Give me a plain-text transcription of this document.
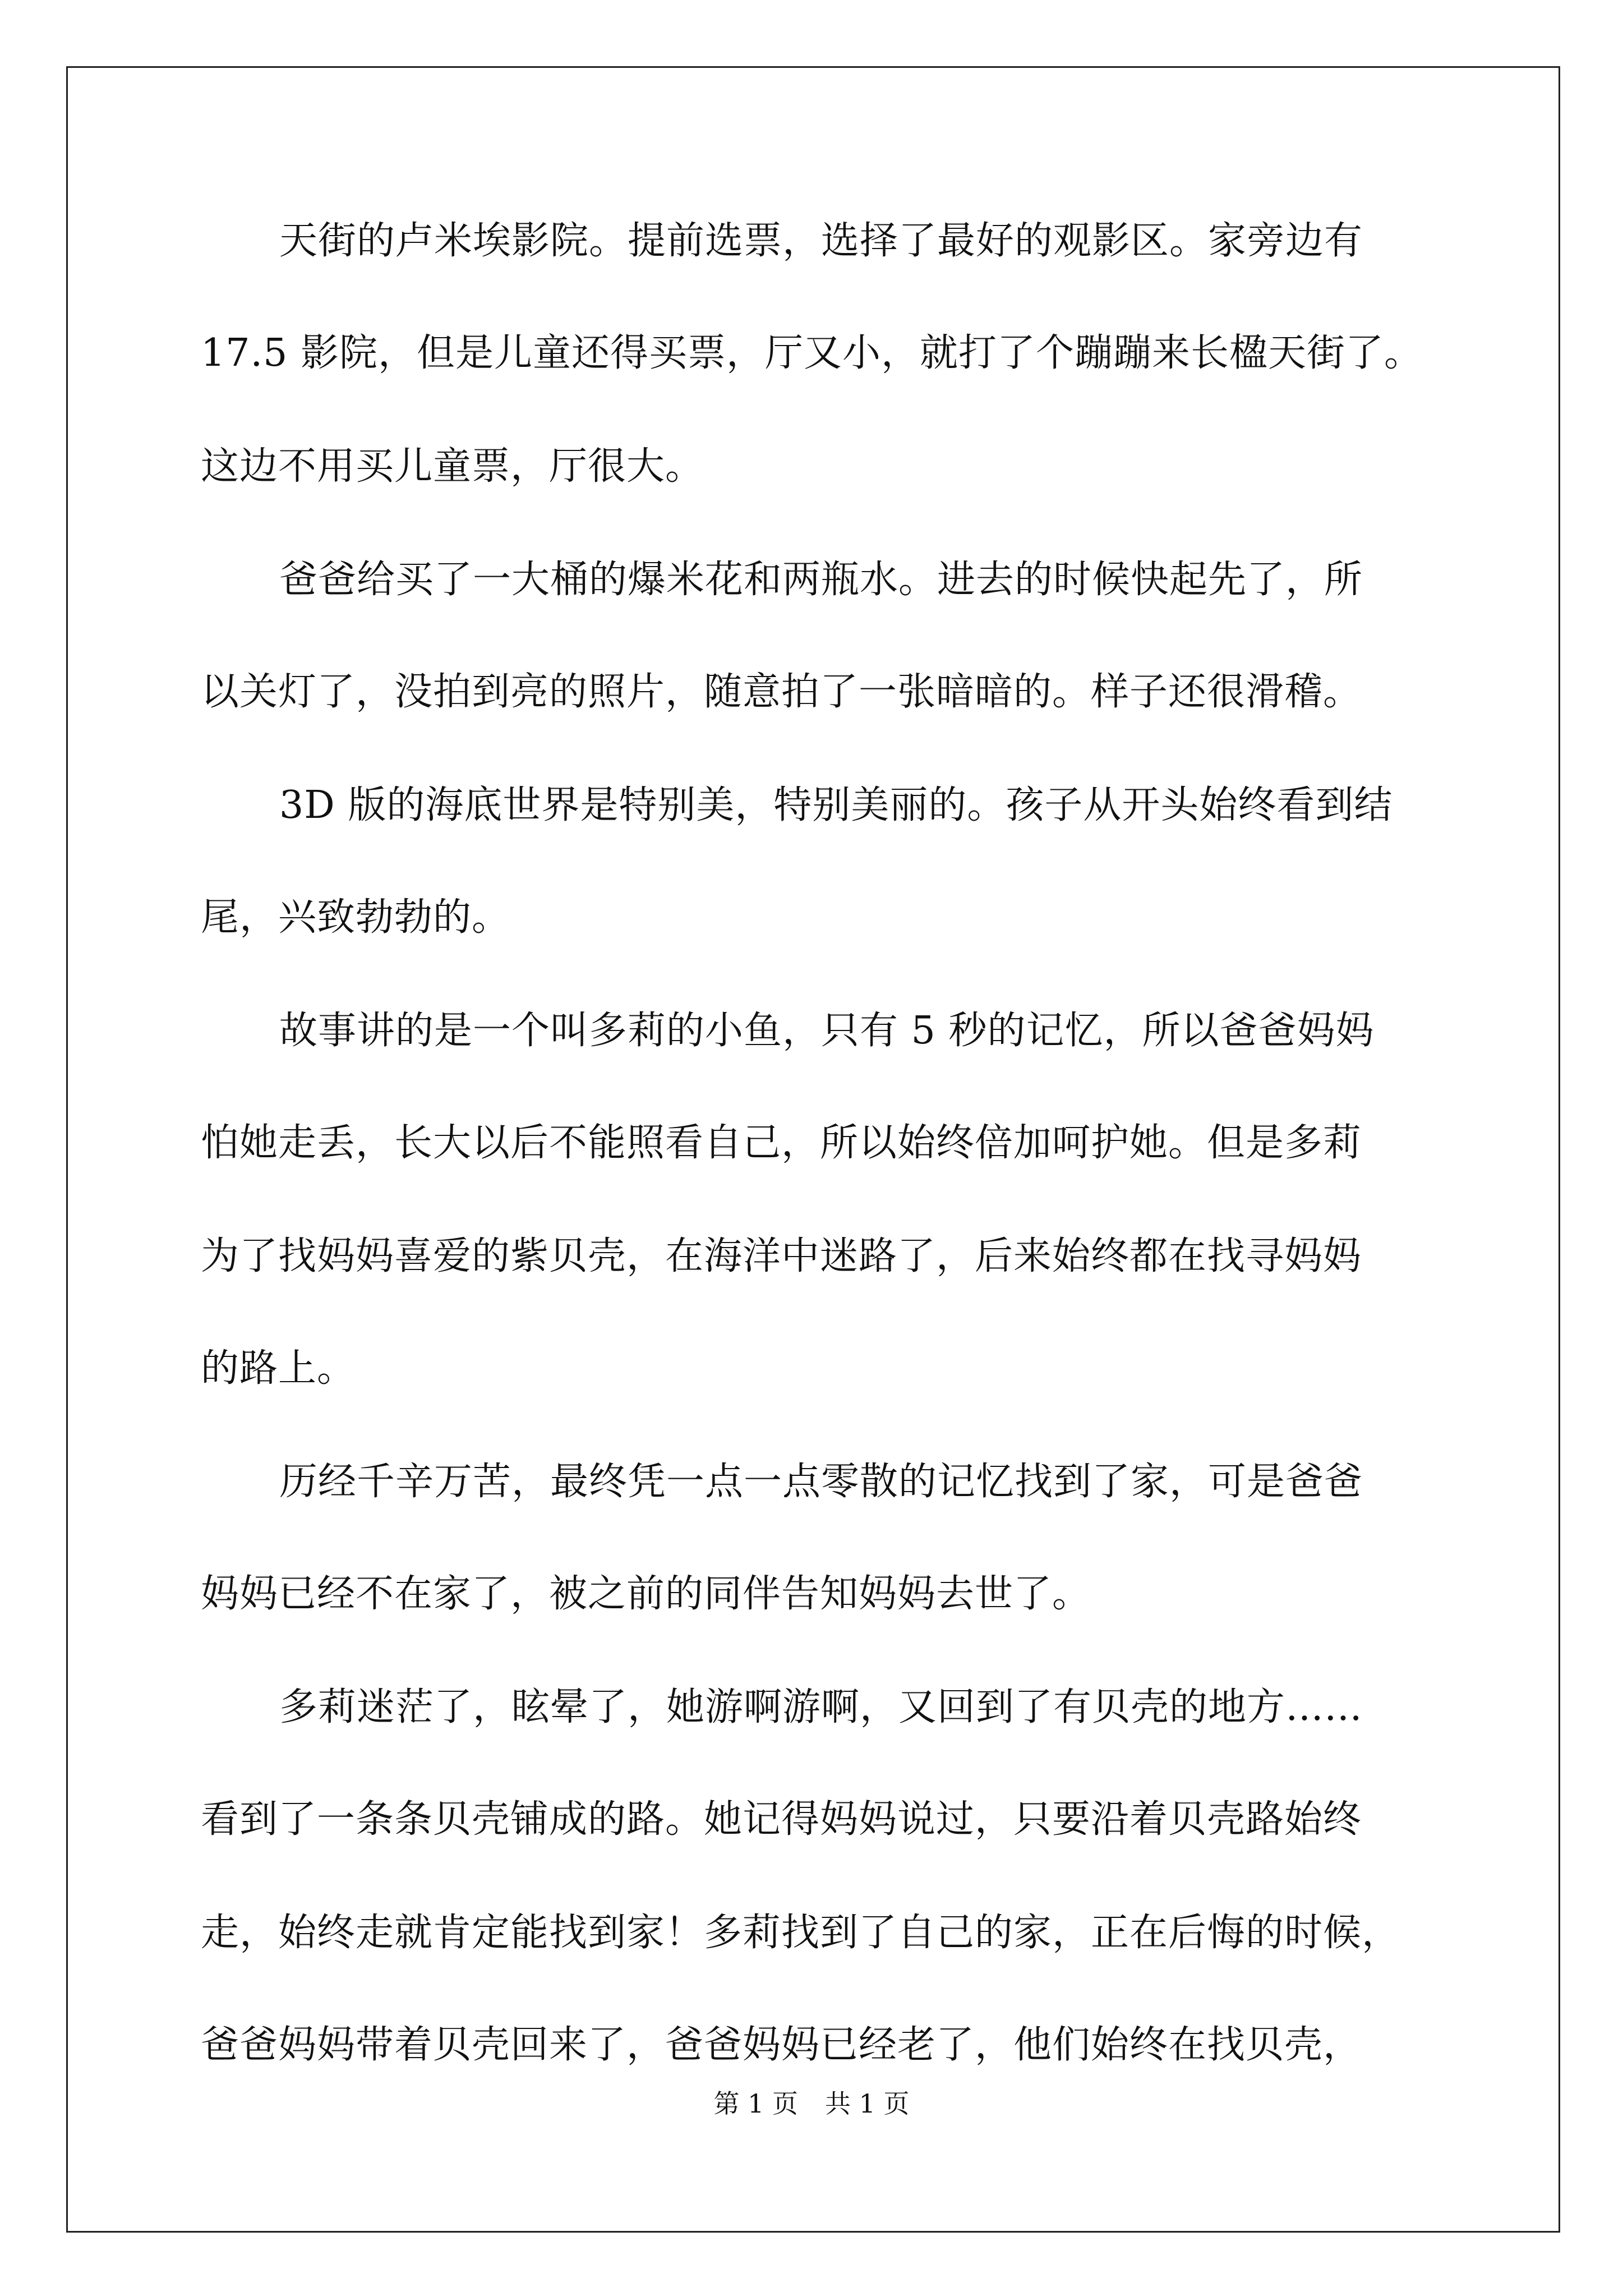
天街的卢米埃影院。提前选票，选择了最好的观影区。家旁边有
17.5 影院，但是儿童还得买票，厅又小，就打了个蹦蹦来长楹天街了。
这边不用买儿童票，厅很大。
爸爸给买了一大桶的爆米花和两瓶水。进去的时候快起先了，所
以关灯了，没拍到亮的照片，随意拍了一张暗暗的。样子还很滑稽。
3D 版的海底世界是特别美，特别美丽的。孩子从开头始终看到结
尾，兴致勃勃的。
故事讲的是一个叫多莉的小鱼，只有 5 秒的记忆，所以爸爸妈妈
怕她走丢，长大以后不能照看自己，所以始终倍加呵护她。但是多莉
为了找妈妈喜爱的紫贝壳，在海洋中迷路了，后来始终都在找寻妈妈
的路上。
历经千辛万苦，最终凭一点一点零散的记忆找到了家，可是爸爸
妈妈已经不在家了，被之前的同伴告知妈妈去世了。
多莉迷茫了，眩晕了，她游啊游啊，又回到了有贝壳的地方……
看到了一条条贝壳铺成的路。她记得妈妈说过，只要沿着贝壳路始终
走，始终走就肯定能找到家！多莉找到了自己的家，正在后悔的时候，
爸爸妈妈带着贝壳回来了，爸爸妈妈已经老了，他们始终在找贝壳，
第 1 页 共 1 页
